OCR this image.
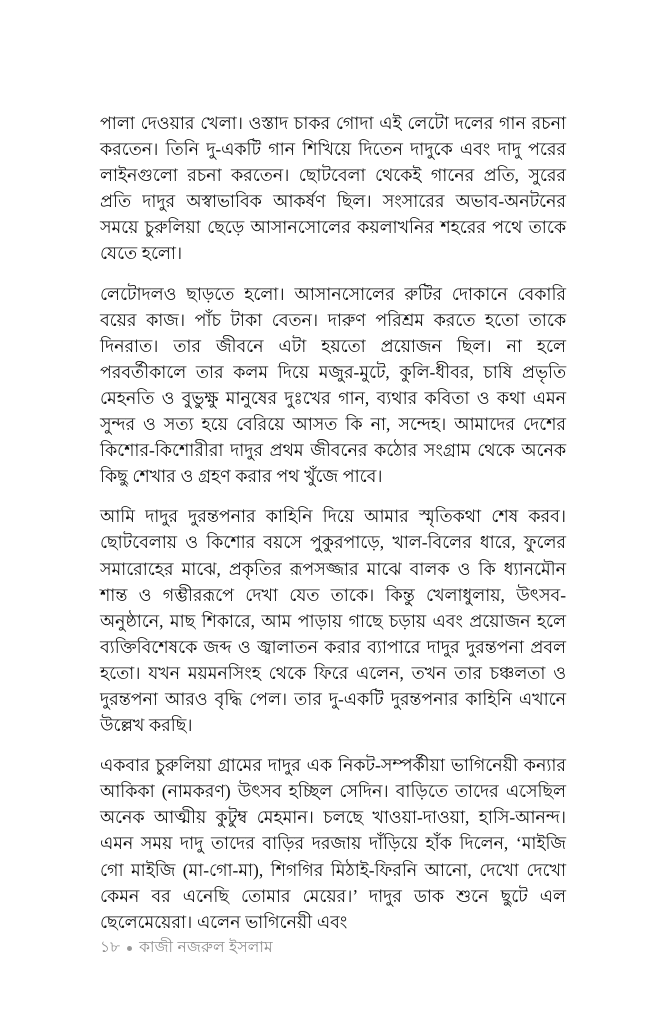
পালা দেওয়ার খেলা। ওস্তাদ চাকর গোদা এই লেটো দলের গান রচনা করতেন। তিনি দু-একটি গান শিখিয়ে দিতেন দাদুকে এবং দাদু পরের লাইনগুলো রচনা করতেন। ছোটবেলা থেকেই গানের প্রতি, সুরের প্রতি দাদুর অস্বাভাবিক আকর্ষণ ছিল। সংসারের অভাব-অনটনের সময়ে চুরুলিয়া ছেড়ে আসানসোলের কয়লাখনির শহরের পথে তাকে যেতে হলো।

লেটোদলও ছাড়তে হলো। আসানসোলের রুটির দোকানে বেকারি বয়ের কাজ। পাঁচ টাকা বেতন। দারুণ পরিশ্রম করতে হতো তাকে দিনরাত। তার জীবনে এটা হয়তো প্রয়োজন ছিল। না হলে পরবর্তীকালে তার কলম দিয়ে মজুর-মুটে, কুলি-ধীবর, চাষি প্রভৃতি মেহনতি ও বুভুক্ষু মানুষের দুঃখের গান, ব্যথার কবিতা ও কথা এমন সুন্দর ও সত্য হয়ে বেরিয়ে আসত কি না, সন্দেহ। আমাদের দেশের কিশোর-কিশোরীরা দাদুর প্রথম জীবনের কঠোর সংগ্রাম থেকে অনেক কিছু শেখার ও গ্রহণ করার পথ খুঁজে পাবে।

আমি দাদুর দুরন্তপনার কাহিনি দিয়ে আমার স্মৃতিকথা শেষ করব। ছোটবেলায় ও কিশোর বয়সে পুকুরপাড়ে, খাল-বিলের ধারে, ফুলের সমারোহের মাঝে, প্রকৃতির রূপসজ্জার মাঝে বালক ও কি ধ্যানমৌন শান্ত ও গম্ভীররূপে দেখা যেত তাকে। কিন্তু খেলাধুলায়, উৎসব-অনুষ্ঠানে, মাছ শিকারে, আম পাড়ায় গাছে চড়ায় এবং প্রয়োজন হলে ব্যক্তিবিশেষকে জব্দ ও জ্বালাতন করার ব্যাপারে দাদুর দুরন্তপনা প্রবল হতো। যখন ময়মনসিংহ থেকে ফিরে এলেন, তখন তার চঞ্চলতা ও দুরন্তপনা আরও বৃদ্ধি পেল। তার দু-একটি দুরন্তপনার কাহিনি এখানে উল্লেখ করছি।

একবার চুরুলিয়া গ্রামের দাদুর এক নিকট-সম্পর্কীয়া ভাগিনেয়ী কন্যার আকিকা (নামকরণ) উৎসব হচ্ছিল সেদিন। বাড়িতে তাদের এসেছিল অনেক আত্মীয় কুটুম্ব মেহমান। চলছে খাওয়া-দাওয়া, হাসি-আনন্দ। এমন সময় দাদু তাদের বাড়ির দরজায় দাঁড়িয়ে হাঁক দিলেন, ‘মাইজি গো মাইজি (মা-গো-মা), শিগগির মিঠাই-ফিরনি আনো, দেখো দেখো কেমন বর এনেছি তোমার মেয়ের।’ দাদুর ডাক শুনে ছুটে এল ছেলেমেয়েরা। এলেন ভাগিনেয়ী এবং

১৮ কাজী নজরুল ইসলাম
